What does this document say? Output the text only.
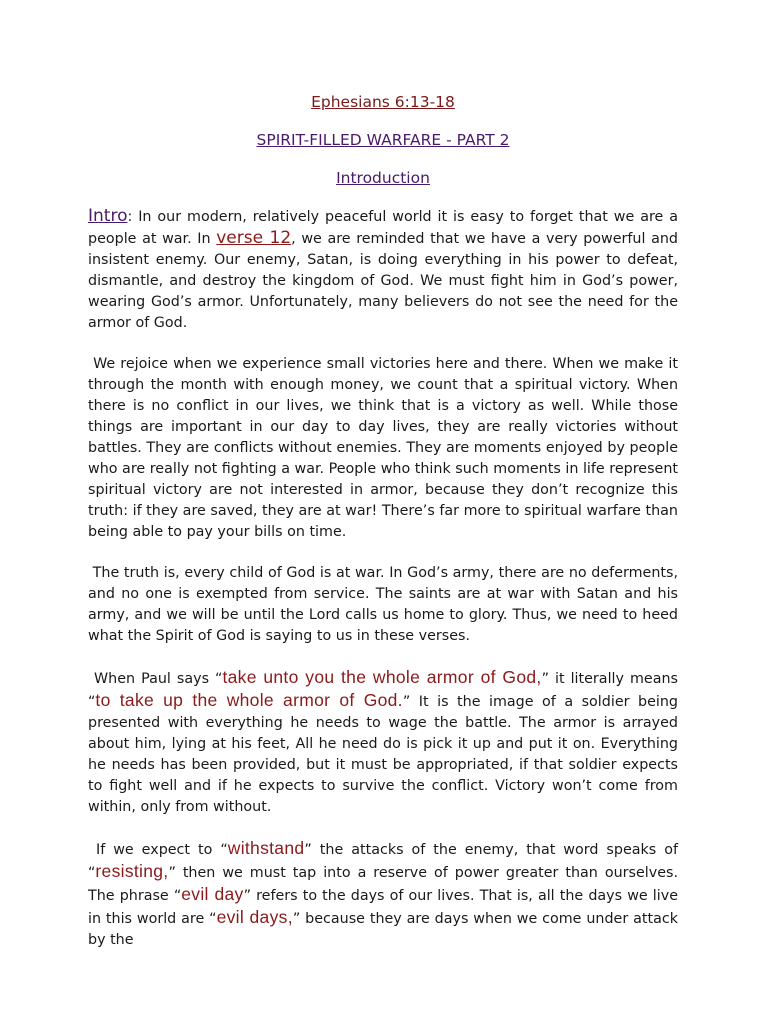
Ephesians 6:13-18

SPIRIT-FILLED WARFARE - PART 2

Introduction

Intro: In our modern, relatively peaceful world it is easy to forget that we are a people at war. In verse 12, we are reminded that we have a very powerful and insistent enemy. Our enemy, Satan, is doing everything in his power to defeat, dismantle, and destroy the kingdom of God. We must fight him in God’s power, wearing God’s armor. Unfortunately, many believers do not see the need for the armor of God.

We rejoice when we experience small victories here and there. When we make it through the month with enough money, we count that a spiritual victory. When there is no conflict in our lives, we think that is a victory as well. While those things are important in our day to day lives, they are really victories without battles. They are conflicts without enemies. They are moments enjoyed by people who are really not fighting a war. People who think such moments in life represent spiritual victory are not interested in armor, because they don’t recognize this truth: if they are saved, they are at war! There’s far more to spiritual warfare than being able to pay your bills on time.

The truth is, every child of God is at war. In God’s army, there are no deferments, and no one is exempted from service. The saints are at war with Satan and his army, and we will be until the Lord calls us home to glory. Thus, we need to heed what the Spirit of God is saying to us in these verses.

When Paul says “take unto you the whole armor of God,” it literally means “to take up the whole armor of God.” It is the image of a soldier being presented with everything he needs to wage the battle. The armor is arrayed about him, lying at his feet, All he need do is pick it up and put it on. Everything he needs has been provided, but it must be appropriated, if that soldier expects to fight well and if he expects to survive the conflict. Victory won’t come from within, only from without.

If we expect to “withstand” the attacks of the enemy, that word speaks of “resisting,” then we must tap into a reserve of power greater than ourselves. The phrase “evil day” refers to the days of our lives. That is, all the days we live in this world are “evil days,” because they are days when we come under attack by the
